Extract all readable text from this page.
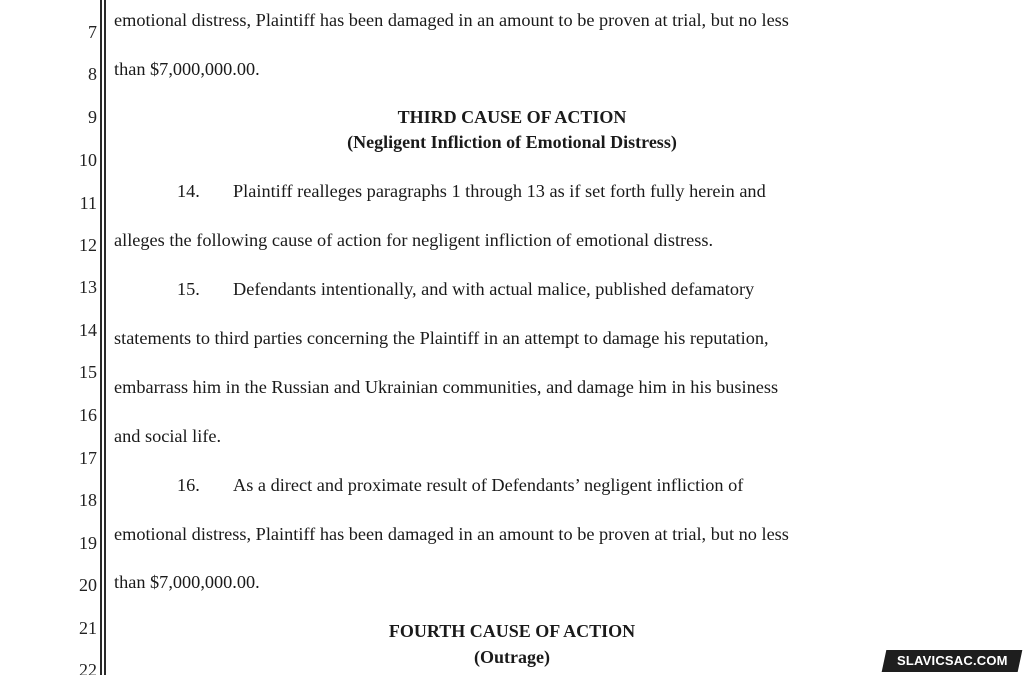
7
8
9
10
11
12
13
14
15
16
17
18
19
20
21
22
emotional distress, Plaintiff has been damaged in an amount to be proven at trial, but no less
than $7,000,000.00.
THIRD CAUSE OF ACTION
(Negligent Infliction of Emotional Distress)
14. Plaintiff realleges paragraphs 1 through 13 as if set forth fully herein and
alleges the following cause of action for negligent infliction of emotional distress.
15. Defendants intentionally, and with actual malice, published defamatory
statements to third parties concerning the Plaintiff in an attempt to damage his reputation,
embarrass him in the Russian and Ukrainian communities, and damage him in his business
and social life.
16. As a direct and proximate result of Defendants’ negligent infliction of
emotional distress, Plaintiff has been damaged in an amount to be proven at trial, but no less
than $7,000,000.00.
FOURTH CAUSE OF ACTION
(Outrage)	SLAVICSAC.COM
